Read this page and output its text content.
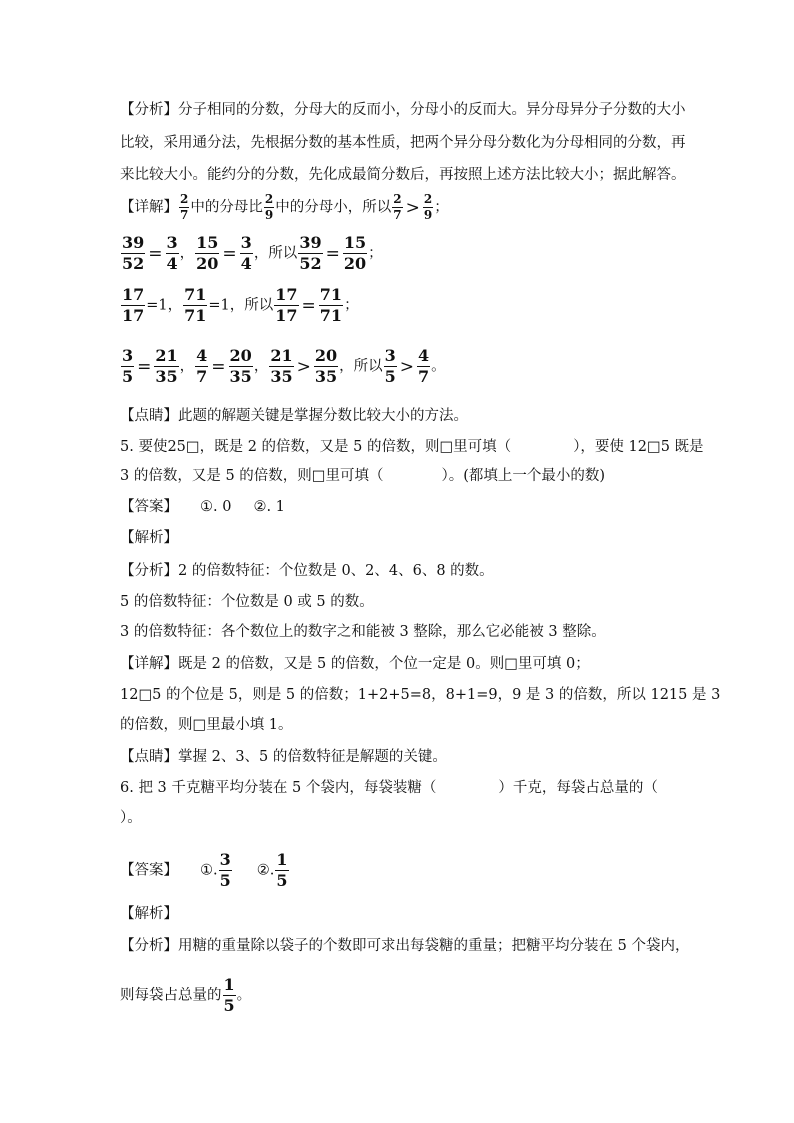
【分析】分子相同的分数，分母大的反而小，分母小的反而大。异分母异分子分数的大小
比较，采用通分法，先根据分数的基本性质，把两个异分母分数化为分母相同的分数，再
来比较大小。能约分的分数，先化成最简分数后，再按照上述方法比较大小；据此解答。
【详解】 $\frac{2}{7}$ 中的分母比 $\frac{2}{9}$ 中的分母小，所以 $\frac{2}{7} > \frac{2}{9}$ ；
$\frac{39}{52} = \frac{3}{4}$ ， $\frac{15}{20} = \frac{3}{4}$ ，所以 $\frac{39}{52} = \frac{15}{20}$ ；
$\frac{17}{17} =1$， $\frac{71}{71} =1$，所以 $\frac{17}{17} = \frac{71}{71}$ ；
$\frac{3}{5} = \frac{21}{35}$ ， $\frac{4}{7} = \frac{20}{35}$ ， $\frac{21}{35} > \frac{20}{35}$ ，所以 $\frac{3}{5} > \frac{4}{7}$ 。
【点睛】此题的解题关键是掌握分数比较大小的方法。
5. 要使25□，既是 2 的倍数，又是 5 的倍数，则□里可填（	），要使 12□5 既是
3 的倍数，又是 5 的倍数，则□里可填（	）。(都填上一个最小的数)
【答案】 ①. 0 ②. 1
【解析】
【分析】2 的倍数特征：个位数是 0、2、4、6、8 的数。
5 的倍数特征：个位数是 0 或 5 的数。
3 的倍数特征：各个数位上的数字之和能被 3 整除，那么它必能被 3 整除。
【详解】既是 2 的倍数，又是 5 的倍数，个位一定是 0。则□里可填 0；
12□5 的个位是 5，则是 5 的倍数；1+2+5=8，8+1=9，9 是 3 的倍数，所以 1215 是 3
的倍数，则□里最小填 1。
【点睛】掌握 2、3、5 的倍数特征是解题的关键。
6. 把 3 千克糖平均分装在 5 个袋内，每袋装糖（	）千克，每袋占总量的（
）。
【答案】 ①. $\frac{3}{5}$ ②. $\frac{1}{5}$
【解析】
【分析】用糖的重量除以袋子的个数即可求出每袋糖的重量；把糖平均分装在 5 个袋内，
则每袋占总量的 $\frac{1}{5}$ 。
